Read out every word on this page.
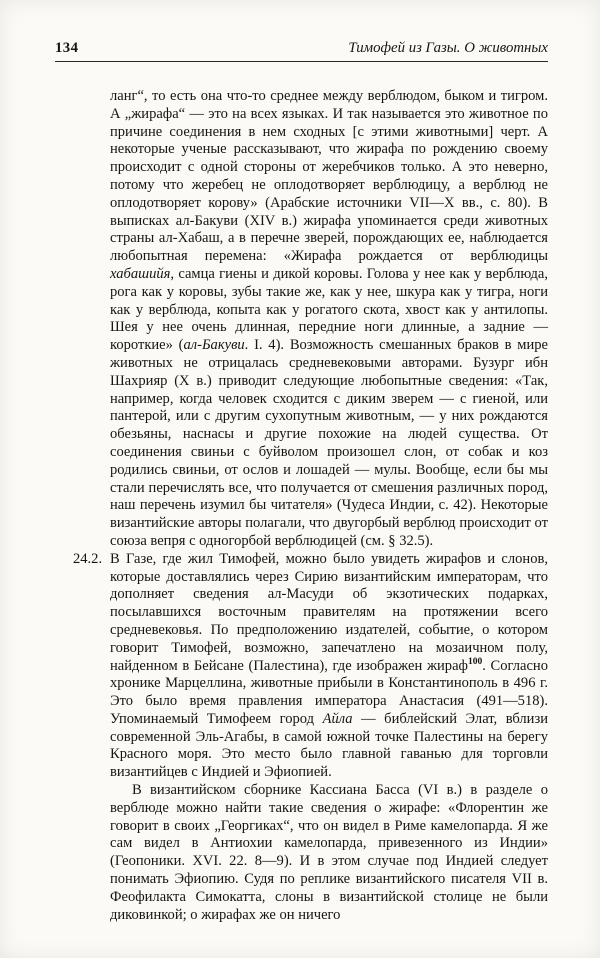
134	Тимофей из Газы. О животных

ланг“, то есть она что-то среднее между верблюдом, быком и тигром. А „жирафа“ — это на всех языках. И так называется это животное по причине соединения в нем сходных [с этими животными] черт. А некоторые ученые рассказывают, что жирафа по рождению своему происходит с одной стороны от жеребчиков только. А это неверно, потому что жеребец не оплодотворяет верблюдицу, а верблюд не оплодотворяет корову» (Арабские источники VII—X вв., с. 80). В выписках ал-Бакуви (XIV в.) жирафа упоминается среди животных страны ал-Хабаш, а в перечне зверей, порождающих ее, наблюдается любопытная перемена: «Жирафа рождается от верблюдицы хабашийя, самца гиены и дикой коровы. Голова у нее как у верблюда, рога как у коровы, зубы такие же, как у нее, шкура как у тигра, ноги как у верблюда, копыта как у рогатого скота, хвост как у антилопы. Шея у нее очень длинная, передние ноги длинные, а задние — короткие» (ал-Бакуви. I. 4). Возможность смешанных браков в мире животных не отрицалась средневековыми авторами. Бузург ибн Шахрияр (X в.) приводит следующие любопытные сведения: «Так, например, когда человек сходится с диким зверем — с гиеной, или пантерой, или с другим сухопутным животным, — у них рождаются обезьяны, наснасы и другие похожие на людей существа. От соединения свиньи с буйволом произошел слон, от собак и коз родились свиньи, от ослов и лошадей — мулы. Вообще, если бы мы стали перечислять все, что получается от смешения различных пород, наш перечень изумил бы читателя» (Чудеса Индии, с. 42). Некоторые византийские авторы полагали, что двугорбый верблюд происходит от союза вепря с одногорбой верблюдицей (см. § 32.5).

24.2. В Газе, где жил Тимофей, можно было увидеть жирафов и слонов, которые доставлялись через Сирию византийским императорам, что дополняет сведения ал-Масуди об экзотических подарках, посылавшихся восточным правителям на протяжении всего средневековья. По предположению издателей, событие, о котором говорит Тимофей, возможно, запечатлено на мозаичном полу, найденном в Бейсане (Палестина), где изображен жираф$^{100}$. Согласно хронике Марцеллина, животные прибыли в Константинополь в 496 г. Это было время правления императора Анастасия (491—518). Упоминаемый Тимофеем город Айла — библейский Элат, вблизи современной Эль-Агабы, в самой южной точке Палестины на берегу Красного моря. Это место было главной гаванью для торговли византийцев с Индией и Эфиопией.

В византийском сборнике Кассиана Басса (VI в.) в разделе о верблюде можно найти такие сведения о жирафе: «Флорентин же говорит в своих „Георгиках“, что он видел в Риме камелопарда. Я же сам видел в Антиохии камелопарда, привезенного из Индии» (Геопоники. XVI. 22. 8—9). И в этом случае под Индией следует понимать Эфиопию. Судя по реплике византийского писателя VII в. Феофилакта Симокатта, слоны в византийской столице не были диковинкой; о жирафах же он ничего
